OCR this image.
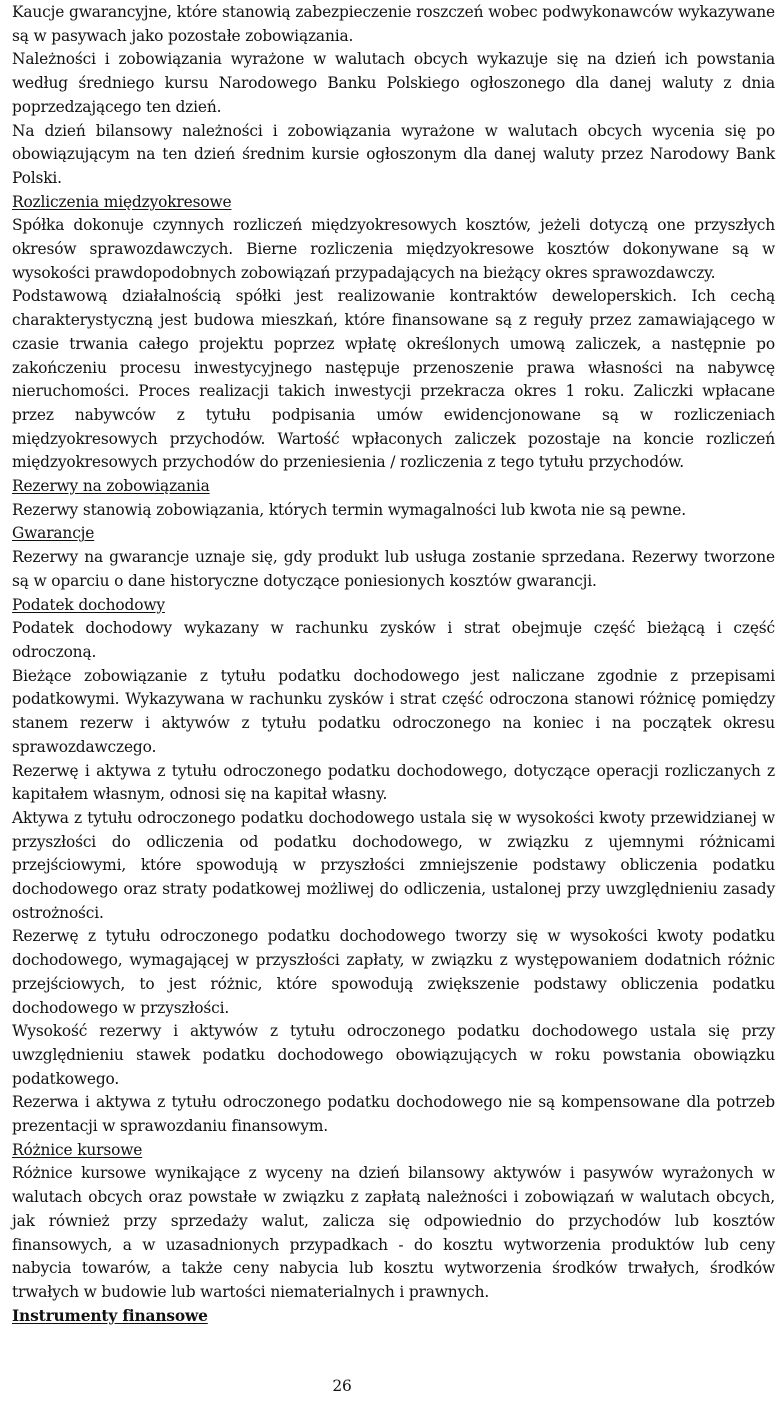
Kaucje gwarancyjne, które stanowią zabezpieczenie roszczeń wobec podwykonawców wykazywane są w pasywach jako pozostałe zobowiązania.
Należności i zobowiązania wyrażone w walutach obcych wykazuje się na dzień ich powstania według średniego kursu Narodowego Banku Polskiego ogłoszonego dla danej waluty z dnia poprzedzającego ten dzień.
Na dzień bilansowy należności i zobowiązania wyrażone w walutach obcych wycenia się po obowiązującym na ten dzień średnim kursie ogłoszonym dla danej waluty przez Narodowy Bank Polski.
Rozliczenia międzyokresowe
Spółka dokonuje czynnych rozliczeń międzyokresowych kosztów, jeżeli dotyczą one przyszłych okresów sprawozdawczych. Bierne rozliczenia międzyokresowe kosztów dokonywane są w wysokości prawdopodobnych zobowiązań przypadających na bieżący okres sprawozdawczy.
Podstawową działalnością spółki jest realizowanie kontraktów deweloperskich. Ich cechą charakterystyczną jest budowa mieszkań, które finansowane są z reguły przez zamawiającego w czasie trwania całego projektu poprzez wpłatę określonych umową zaliczek, a następnie po zakończeniu procesu inwestycyjnego następuje przenoszenie prawa własności na nabywcę nieruchomości. Proces realizacji takich inwestycji przekracza okres 1 roku. Zaliczki wpłacane przez nabywców z tytułu podpisania umów ewidencjonowane są w rozliczeniach międzyokresowych przychodów. Wartość wpłaconych zaliczek pozostaje na koncie rozliczeń międzyokresowych przychodów do przeniesienia / rozliczenia z tego tytułu przychodów.
Rezerwy na zobowiązania
Rezerwy stanowią zobowiązania, których termin wymagalności lub kwota nie są pewne.
Gwarancje
Rezerwy na gwarancje uznaje się, gdy produkt lub usługa zostanie sprzedana. Rezerwy tworzone są w oparciu o dane historyczne dotyczące poniesionych kosztów gwarancji.
Podatek dochodowy
Podatek dochodowy wykazany w rachunku zysków i strat obejmuje część bieżącą i część odroczoną.
Bieżące zobowiązanie z tytułu podatku dochodowego jest naliczane zgodnie z przepisami podatkowymi. Wykazywana w rachunku zysków i strat część odroczona stanowi różnicę pomiędzy stanem rezerw i aktywów z tytułu podatku odroczonego na koniec i na początek okresu sprawozdawczego.
Rezerwę i aktywa z tytułu odroczonego podatku dochodowego, dotyczące operacji rozliczanych z kapitałem własnym, odnosi się na kapitał własny.
Aktywa z tytułu odroczonego podatku dochodowego ustala się w wysokości kwoty przewidzianej w przyszłości do odliczenia od podatku dochodowego, w związku z ujemnymi różnicami przejściowymi, które spowodują w przyszłości zmniejszenie podstawy obliczenia podatku dochodowego oraz straty podatkowej możliwej do odliczenia, ustalonej przy uwzględnieniu zasady ostrożności.
Rezerwę z tytułu odroczonego podatku dochodowego tworzy się w wysokości kwoty podatku dochodowego, wymagającej w przyszłości zapłaty, w związku z występowaniem dodatnich różnic przejściowych, to jest różnic, które spowodują zwiększenie podstawy obliczenia podatku dochodowego w przyszłości.
Wysokość rezerwy i aktywów z tytułu odroczonego podatku dochodowego ustala się przy uwzględnieniu stawek podatku dochodowego obowiązujących w roku powstania obowiązku podatkowego.
Rezerwa i aktywa z tytułu odroczonego podatku dochodowego nie są kompensowane dla potrzeb prezentacji w sprawozdaniu finansowym.
Różnice kursowe
Różnice kursowe wynikające z wyceny na dzień bilansowy aktywów i pasywów wyrażonych w walutach obcych oraz powstałe w związku z zapłatą należności i zobowiązań w walutach obcych, jak również przy sprzedaży walut, zalicza się odpowiednio do przychodów lub kosztów finansowych, a w uzasadnionych przypadkach - do kosztu wytworzenia produktów lub ceny nabycia towarów, a także ceny nabycia lub kosztu wytworzenia środków trwałych, środków trwałych w budowie lub wartości niematerialnych i prawnych.
Instrumenty finansowe
26
